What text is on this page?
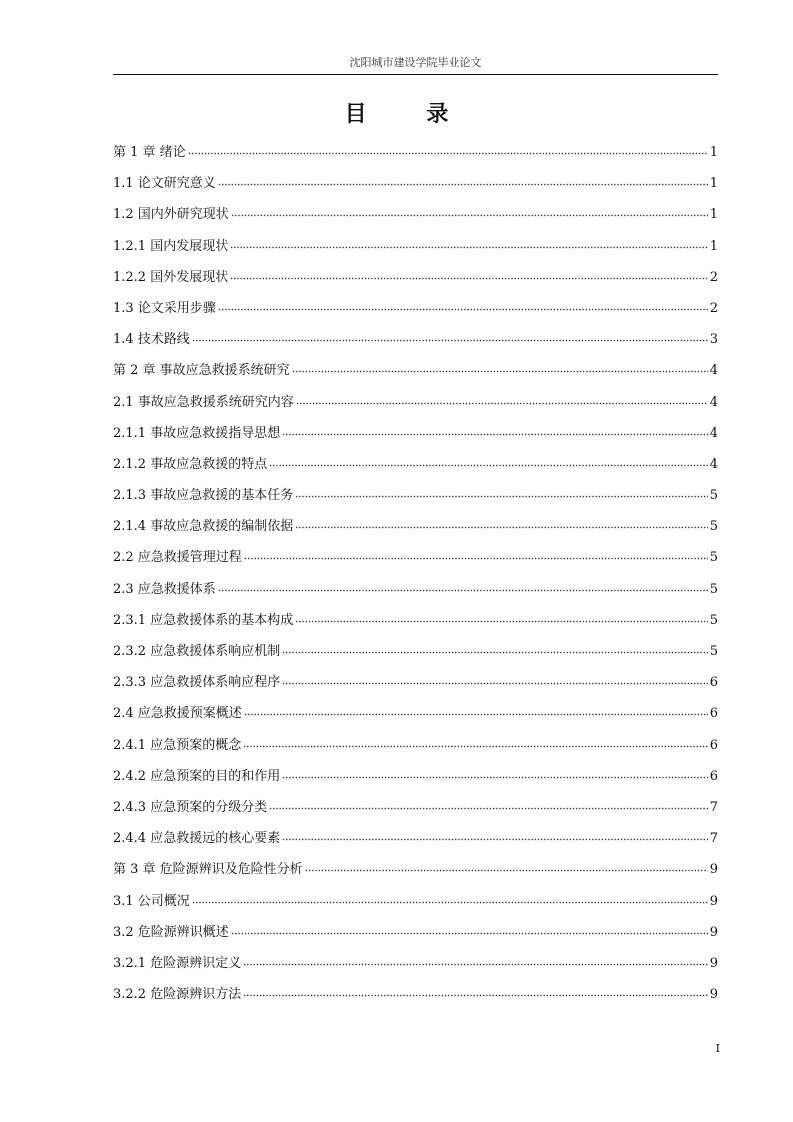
沈阳城市建设学院毕业论文
目 录
第 1 章 绪论	1
1.1 论文研究意义	1
1.2 国内外研究现状	1
1.2.1 国内发展现状	1
1.2.2 国外发展现状	2
1.3 论文采用步骤	2
1.4 技术路线	3
第 2 章 事故应急救援系统研究	4
2.1 事故应急救援系统研究内容	4
2.1.1 事故应急救援指导思想	4
2.1.2 事故应急救援的特点	4
2.1.3 事故应急救援的基本任务	5
2.1.4 事故应急救援的编制依据	5
2.2 应急救援管理过程	5
2.3 应急救援体系	5
2.3.1 应急救援体系的基本构成	5
2.3.2 应急救援体系响应机制	5
2.3.3 应急救援体系响应程序	6
2.4 应急救援预案概述	6
2.4.1 应急预案的概念	6
2.4.2 应急预案的目的和作用	6
2.4.3 应急预案的分级分类	7
2.4.4 应急救援远的核心要素	7
第 3 章 危险源辨识及危险性分析	9
3.1 公司概况	9
3.2 危险源辨识概述	9
3.2.1 危险源辨识定义	9
3.2.2 危险源辨识方法	9
I
